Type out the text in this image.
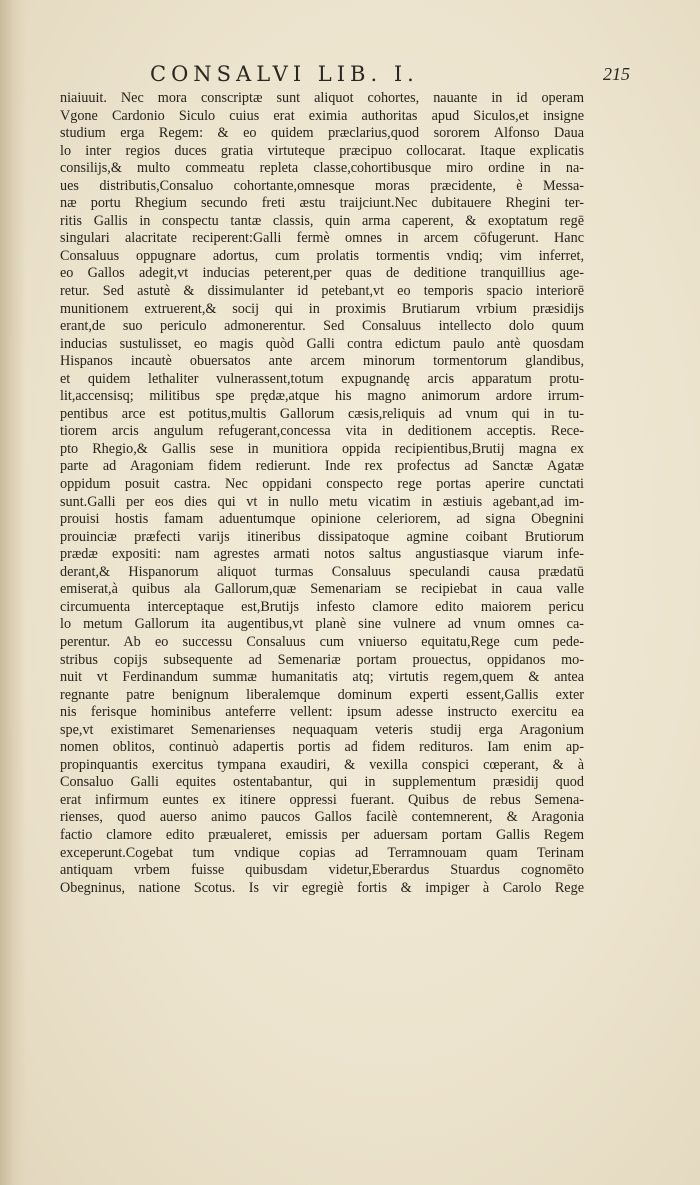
CONSALVI LIB. I.	215
niaiuuit. Nec mora conscriptæ sunt aliquot cohortes, nauante in id operam
Vgone Cardonio Siculo cuius erat eximia authoritas apud Siculos,et insigne
studium erga Regem: & eo quidem præclarius,quod sororem Alfonso Daua
lo inter regios duces gratia virtuteque præcipuo collocarat. Itaque explicatis
consilijs,& multo commeatu repleta classe,cohortibusque miro ordine in na-
ues distributis,Consaluo cohortante,omnesque moras præcidente, è Messa-
næ portu Rhegium secundo freti æstu traijciunt.Nec dubitauere Rhegini ter-
ritis Gallis in conspectu tantæ classis, quin arma caperent, & exoptatum regē
singulari alacritate reciperent:Galli fermè omnes in arcem cōfugerunt. Hanc
Consaluus oppugnare adortus, cum prolatis tormentis vndiq; vim inferret,
eo Gallos adegit,vt inducias peterent,per quas de deditione tranquillius age-
retur. Sed astutè & dissimulanter id petebant,vt eo temporis spacio interiorē
munitionem extruerent,& socij qui in proximis Brutiarum vrbium præsidijs
erant,de suo periculo admonerentur. Sed Consaluus intellecto dolo quum
inducias sustulisset, eo magis quòd Galli contra edictum paulo antè quosdam
Hispanos incautè obuersatos ante arcem minorum tormentorum glandibus,
et quidem lethaliter vulnerassent,totum expugnandę arcis apparatum protu-
lit,accensisq; militibus spe prędæ,atque his magno animorum ardore irrum-
pentibus arce est potitus,multis Gallorum cæsis,reliquis ad vnum qui in tu-
tiorem arcis angulum refugerant,concessa vita in deditionem acceptis. Rece-
pto Rhegio,& Gallis sese in munitiora oppida recipientibus,Brutij magna ex
parte ad Aragoniam fidem redierunt. Inde rex profectus ad Sanctæ Agatæ
oppidum posuit castra. Nec oppidani conspecto rege portas aperire cunctati
sunt.Galli per eos dies qui vt in nullo metu vicatim in æstiuis agebant,ad im-
prouisi hostis famam aduentumque opinione celeriorem, ad signa Obegnini
prouinciæ præfecti varijs itineribus dissipatoque agmine coibant Brutiorum
prædæ expositi: nam agrestes armati notos saltus angustiasque viarum infe-
derant,& Hispanorum aliquot turmas Consaluus speculandi causa prædatū
emiserat,à quibus ala Gallorum,quæ Semenariam se recipiebat in caua valle
circumuenta interceptaque est,Brutijs infesto clamore edito maiorem pericu
lo metum Gallorum ita augentibus,vt planè sine vulnere ad vnum omnes ca-
perentur. Ab eo successu Consaluus cum vniuerso equitatu,Rege cum pede-
stribus copijs subsequente ad Semenariæ portam prouectus, oppidanos mo-
nuit vt Ferdinandum summæ humanitatis atq; virtutis regem,quem & antea
regnante patre benignum liberalemque dominum experti essent,Gallis exter
nis ferisque hominibus anteferre vellent: ipsum adesse instructo exercitu ea
spe,vt existimaret Semenarienses nequaquam veteris studij erga Aragonium
nomen oblitos, continuò adapertis portis ad fidem redituros. Iam enim ap-
propinquantis exercitus tympana exaudiri, & vexilla conspici cœperant, & à
Consaluo Galli equites ostentabantur, qui in supplementum præsidij quod
erat infirmum euntes ex itinere oppressi fuerant. Quibus de rebus Semena-
rienses, quod auerso animo paucos Gallos facilè contemnerent, & Aragonia
factio clamore edito præualeret, emissis per aduersam portam Gallis Regem
exceperunt.Cogebat tum vndique copias ad Terramnouam quam Terinam
antiquam vrbem fuisse quibusdam videtur,Eberardus Stuardus cognomēto
Obegninus, natione Scotus. Is vir egregiè fortis & impiger à Carolo Rege
